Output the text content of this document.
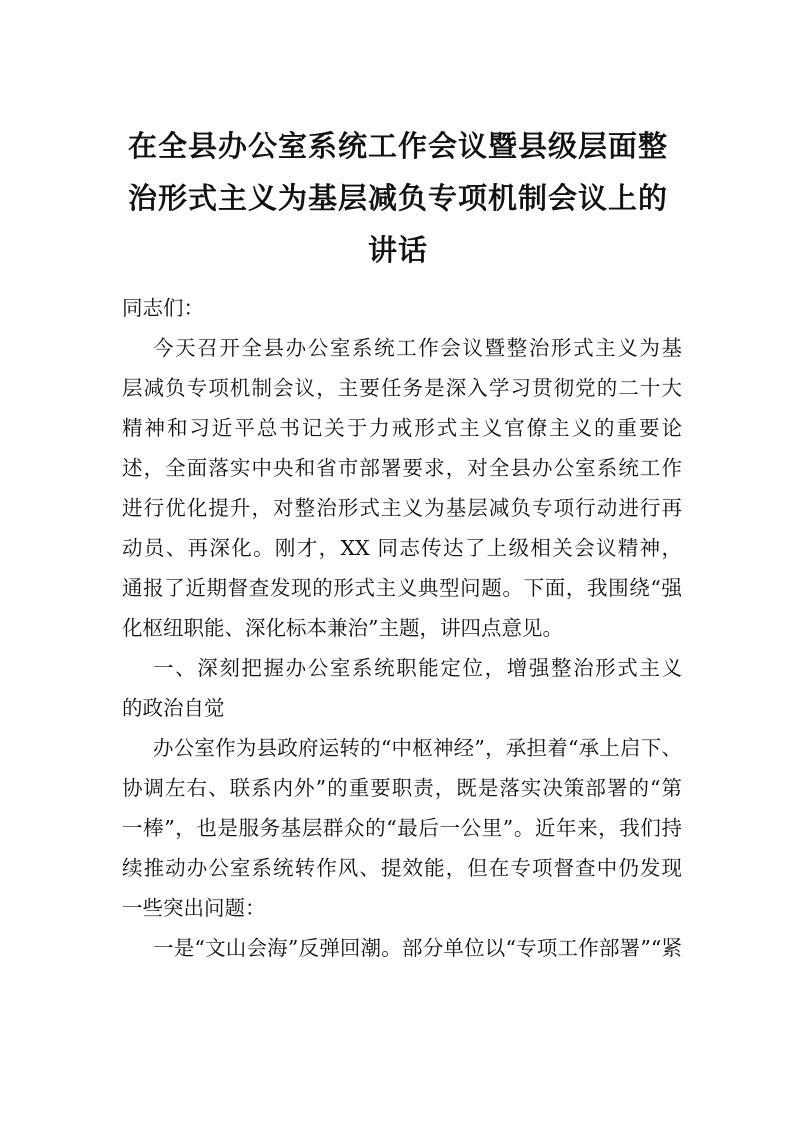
在全县办公室系统工作会议暨县级层面整
治形式主义为基层减负专项机制会议上的
讲话
同志们：
今天召开全县办公室系统工作会议暨整治形式主义为基
层减负专项机制会议，主要任务是深入学习贯彻党的二十大
精神和习近平总书记关于力戒形式主义官僚主义的重要论
述，全面落实中央和省市部署要求，对全县办公室系统工作
进行优化提升，对整治形式主义为基层减负专项行动进行再
动员、再深化。刚才，XX 同志传达了上级相关会议精神，
通报了近期督查发现的形式主义典型问题。下面，我围绕“强
化枢纽职能、深化标本兼治”主题，讲四点意见。
一、深刻把握办公室系统职能定位，增强整治形式主义
的政治自觉
办公室作为县政府运转的“中枢神经”，承担着“承上启下、
协调左右、联系内外”的重要职责，既是落实决策部署的“第
一棒”，也是服务基层群众的“最后一公里”。近年来，我们持
续推动办公室系统转作风、提效能，但在专项督查中仍发现
一些突出问题：
一是“文山会海”反弹回潮。部分单位以“专项工作部署”“紧
